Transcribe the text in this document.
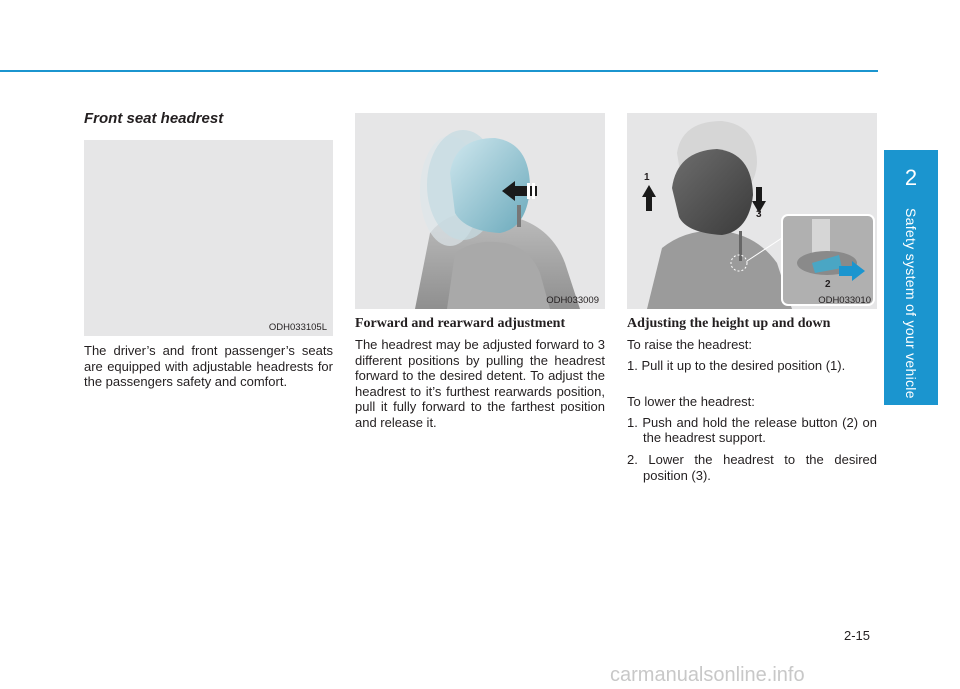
2
Safety system of your vehicle
Front seat headrest
ODH033105L
ODH033009
1
3
2
ODH033010

The driver’s and front passenger’s seats are equipped with adjustable headrests for the passengers safety and comfort.

Forward and rearward adjustment

The headrest may be adjusted forward to 3 different positions by pulling the headrest forward to the desired detent. To adjust the headrest to it’s furthest rearwards position, pull it fully forward to the farthest position and release it.

Adjusting the height up and down

To raise the headrest:

1. Pull it up to the desired position (1).

To lower the headrest:

1. Push and hold the release button (2) on the headrest support.

2. Lower the headrest to the desired position (3).

2-15
carmanualsonline.info
